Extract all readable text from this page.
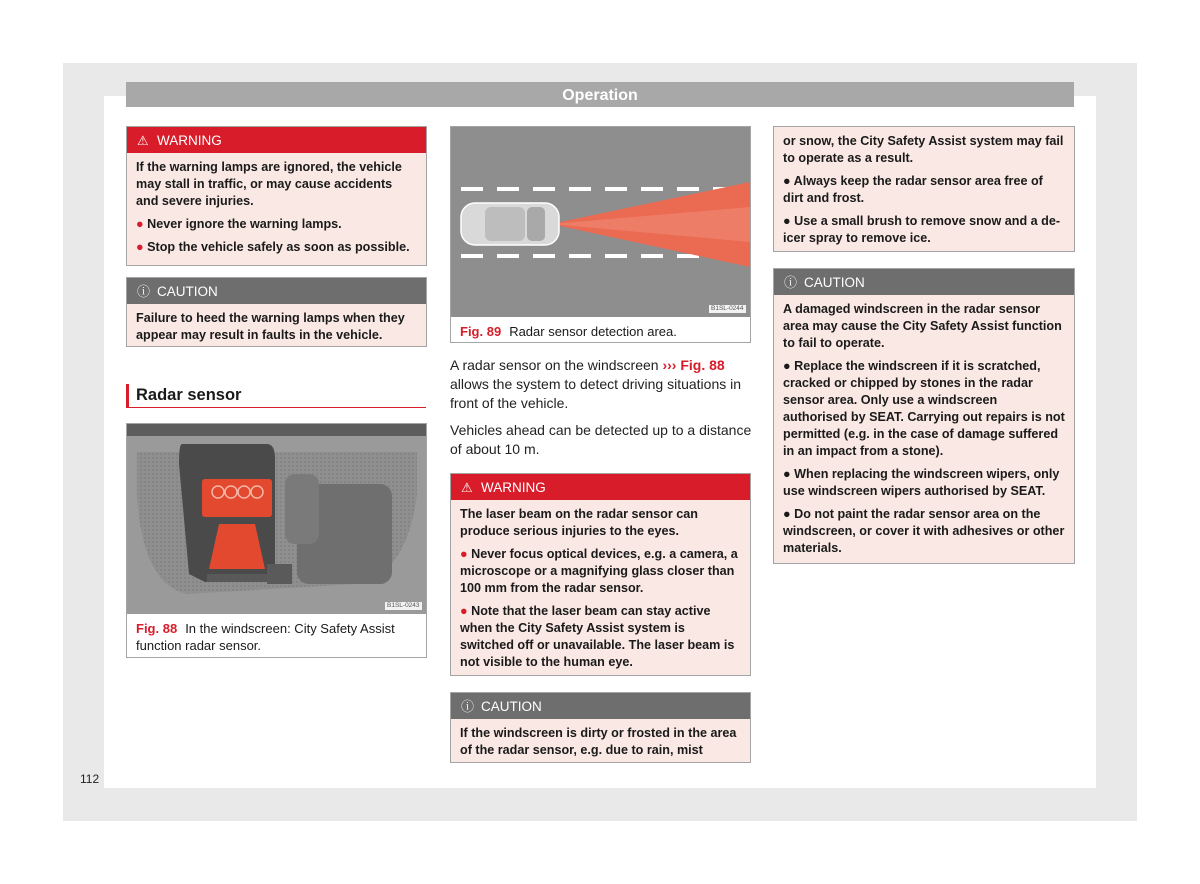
Operation
⚠ WARNING

If the warning lamps are ignored, the vehicle may stall in traffic, or may cause accidents and severe injuries.

● Never ignore the warning lamps.

● Stop the vehicle safely as soon as possible.

ⓘ CAUTION

Failure to heed the warning lamps when they appear may result in faults in the vehicle.

Radar sensor
B1SL-0243
Fig. 88 In the windscreen: City Safety Assist function radar sensor.
B1SL-0244
Fig. 89 Radar sensor detection area.
A radar sensor on the windscreen ››› Fig. 88 allows the system to detect driving situations in front of the vehicle.
Vehicles ahead can be detected up to a distance of about 10 m.
⚠ WARNING

The laser beam on the radar sensor can produce serious injuries to the eyes.

● Never focus optical devices, e.g. a camera, a microscope or a magnifying glass closer than 100 mm from the radar sensor.

● Note that the laser beam can stay active when the City Safety Assist system is switched off or unavailable. The laser beam is not visible to the human eye.

ⓘ CAUTION

If the windscreen is dirty or frosted in the area of the radar sensor, e.g. due to rain, mist

or snow, the City Safety Assist system may fail to operate as a result.

● Always keep the radar sensor area free of dirt and frost.

● Use a small brush to remove snow and a de-icer spray to remove ice.

ⓘ CAUTION

A damaged windscreen in the radar sensor area may cause the City Safety Assist function to fail to operate.

● Replace the windscreen if it is scratched, cracked or chipped by stones in the radar sensor area. Only use a windscreen authorised by SEAT. Carrying out repairs is not permitted (e.g. in the case of damage suffered in an impact from a stone).

● When replacing the windscreen wipers, only use windscreen wipers authorised by SEAT.

● Do not paint the radar sensor area on the windscreen, or cover it with adhesives or other materials.

112
